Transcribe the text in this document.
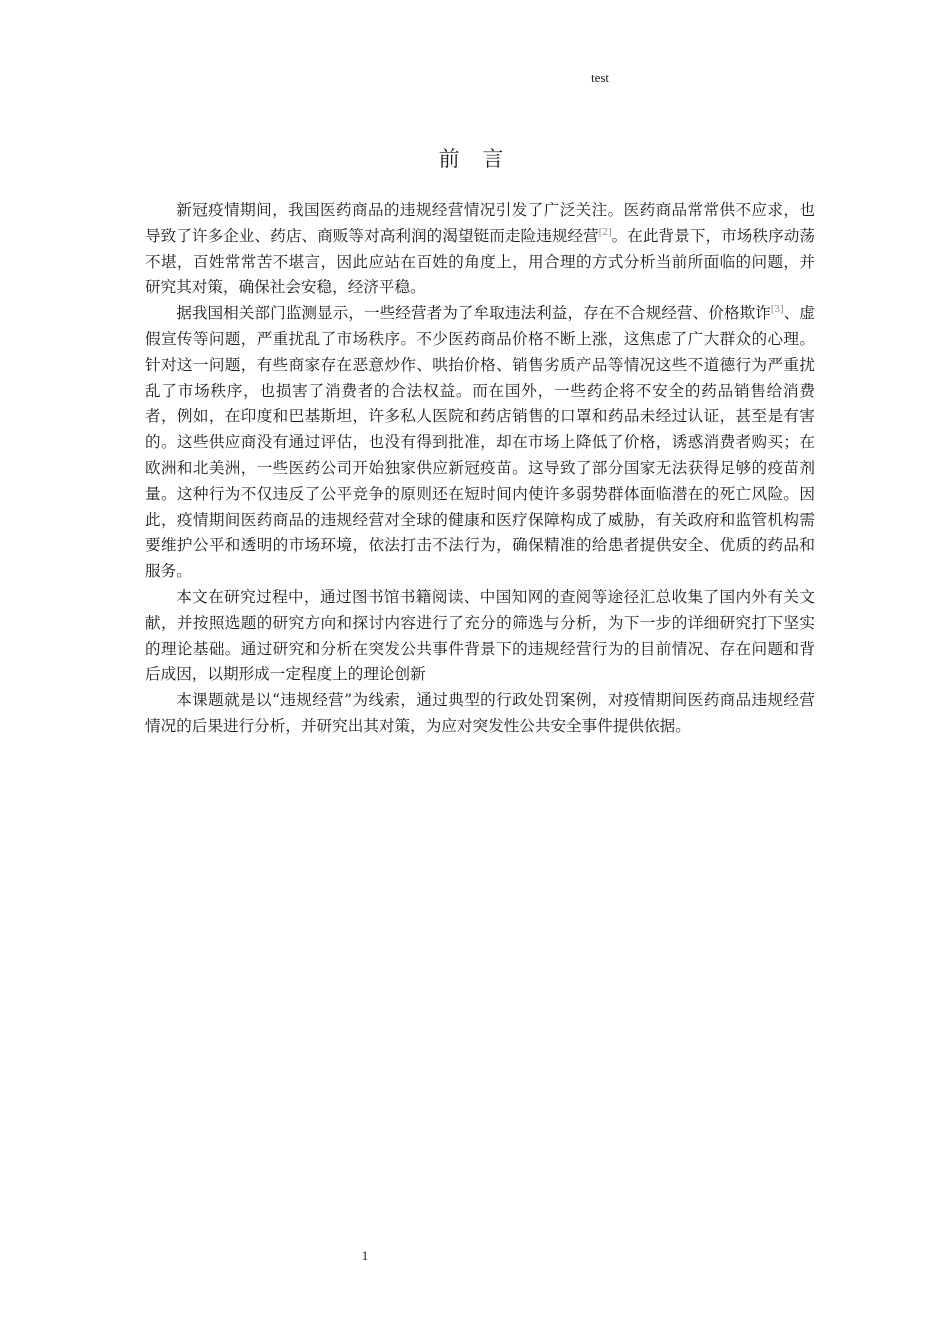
test
前 言

新冠疫情期间，我国医药商品的违规经营情况引发了广泛关注。医药商品常常供不应求，也导致了许多企业、药店、商贩等对高利润的渴望铤而走险违规经营[2]。在此背景下，市场秩序动荡不堪，百姓常常苦不堪言，因此应站在百姓的角度上，用合理的方式分析当前所面临的问题，并研究其对策，确保社会安稳，经济平稳。

据我国相关部门监测显示，一些经营者为了牟取违法利益，存在不合规经营、价格欺诈[3]、虚假宣传等问题，严重扰乱了市场秩序。不少医药商品价格不断上涨，这焦虑了广大群众的心理。针对这一问题，有些商家存在恶意炒作、哄抬价格、销售劣质产品等情况这些不道德行为严重扰乱了市场秩序，也损害了消费者的合法权益。而在国外，一些药企将不安全的药品销售给消费者，例如，在印度和巴基斯坦，许多私人医院和药店销售的口罩和药品未经过认证，甚至是有害的。这些供应商没有通过评估，也没有得到批准，却在市场上降低了价格，诱惑消费者购买；在欧洲和北美洲，一些医药公司开始独家供应新冠疫苗。这导致了部分国家无法获得足够的疫苗剂量。这种行为不仅违反了公平竞争的原则还在短时间内使许多弱势群体面临潜在的死亡风险。因此，疫情期间医药商品的违规经营对全球的健康和医疗保障构成了威胁，有关政府和监管机构需要维护公平和透明的市场环境，依法打击不法行为，确保精准的给患者提供安全、优质的药品和服务。

本文在研究过程中，通过图书馆书籍阅读、中国知网的查阅等途径汇总收集了国内外有关文献，并按照选题的研究方向和探讨内容进行了充分的筛选与分析，为下一步的详细研究打下坚实的理论基础。通过研究和分析在突发公共事件背景下的违规经营行为的目前情况、存在问题和背后成因，以期形成一定程度上的理论创新

本课题就是以“违规经营”为线索，通过典型的行政处罚案例，对疫情期间医药商品违规经营情况的后果进行分析，并研究出其对策，为应对突发性公共安全事件提供依据。

1
